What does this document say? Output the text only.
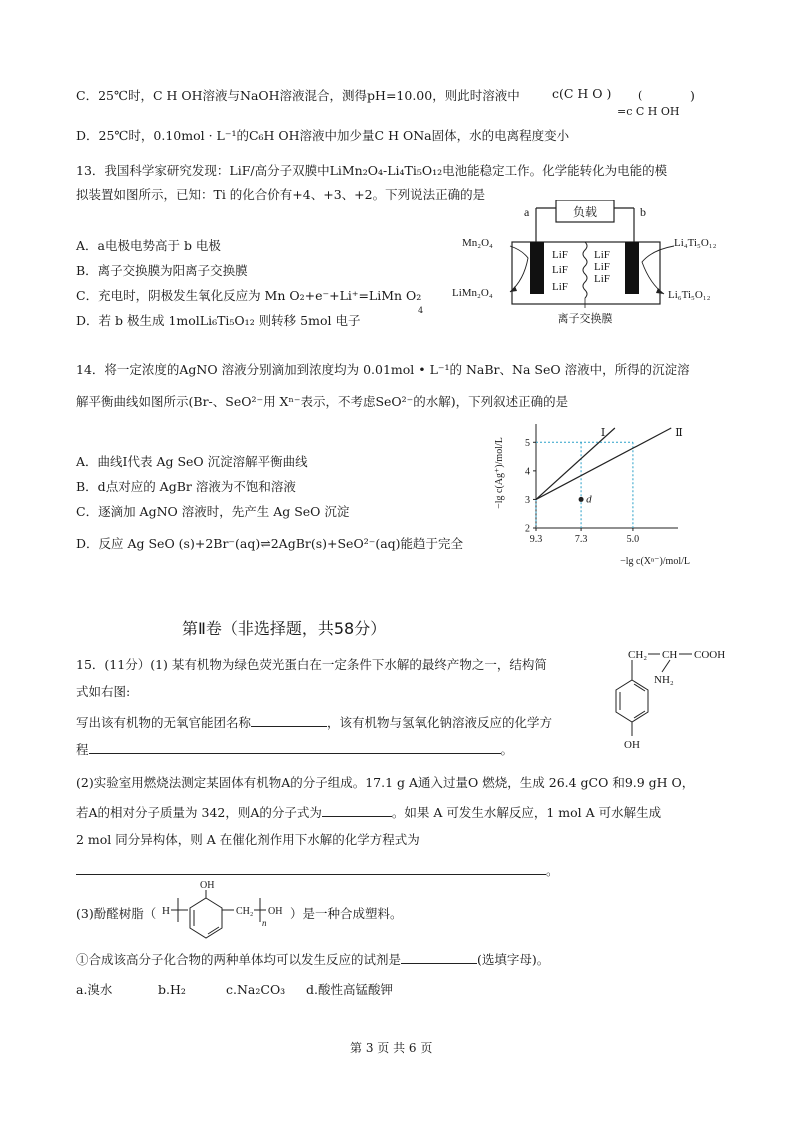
C．25℃时，C H OH溶液与NaOH溶液混合，测得pH=10.00，则此时溶液中	c(C H O ) (
=c C H OH
)
D．25℃时，0.10mol · L⁻¹的C₆H OH溶液中加少量C H ONa固体，水的电离程度变小
13．我国科学家研究发现：LiF/高分子双膜中LiMn₂O₄-Li₄Ti₅O₁₂电池能稳定工作。化学能转化为电能的模
拟装置如图所示，已知：Ti 的化合价有+4、+3、+2。下列说法正确的是
A．a电极电势高于 b 电极
B．离子交换膜为阳离子交换膜
C．充电时，阴极发生氧化反应为 Mn O₂+e⁻+Li⁺=LiMn O₂
4
D．若 b 极生成 1molLi₆Ti₅O₁₂ 则转移 5mol 电子
负载
a	b
LiF
LiF
LiF
LiF
LiF
LiF
离子交换膜
Mn₂O₄
LiMn₂O₄
Li₄Ti₅O₁₂
Li₆Ti₅O₁₂
14．将一定浓度的AgNO 溶液分别滴加到浓度均为 0.01mol • L⁻¹的 NaBr、Na SeO 溶液中，所得的沉淀溶
解平衡曲线如图所示(Br-、SeO²⁻用 Xⁿ⁻表示，不考虑SeO²⁻的水解)，下列叙述正确的是
A．曲线Ⅰ代表 Ag SeO 沉淀溶解平衡曲线
B．d点对应的 AgBr 溶液为不饱和溶液
C．逐滴加 AgNO 溶液时，先产生 Ag SeO 沉淀
D．反应 Ag SeO (s)+2Br⁻(aq)⇌2AgBr(s)+SeO²⁻(aq)能趋于完全
Ⅰ	Ⅱ
d
2
3
4
5
9.3	7.3	5.0
−lg c(Ag⁺)/mol/L
−lg c(Xⁿ⁻)/mol/L
第Ⅱ卷（非选择题，共58分）
15．(11分）(1) 某有机物为绿色荧光蛋白在一定条件下水解的最终产物之一，结构简
式如右图:
写出该有机物的无氧官能团名称	，该有机物与氢氧化钠溶液反应的化学方
程	。
CH₂ CH COOH
NH₂
OH
(2)实验室用燃烧法测定某固体有机物A的分子组成。17.1 g A通入过量O 燃烧，生成 26.4 gCO 和9.9 gH O，
若A的相对分子质量为 342，则A的分子式为	。如果 A 可发生水解反应，1 mol A 可水解生成
2 mol 同分异构体，则 A 在催化剂作用下水解的化学方程式为
。
(3)酚醛树脂（ H
OH
CH₂
n
OH ）是一种合成塑料。
①合成该高分子化合物的两种单体均可以发生反应的试剂是	(选填字母)。
a.溴水	b.H₂	c.Na₂CO₃ d.酸性高锰酸钾
第 3 页 共 6 页
